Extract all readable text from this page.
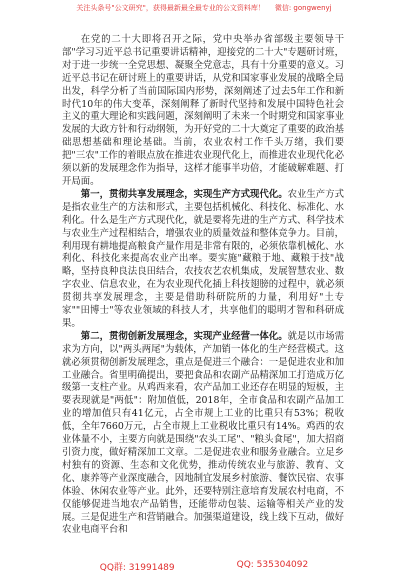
关注头条号"公文研究"，获得最新最全最专业的公文资料库！ 微信: gongwenyj

在党的二十大即将召开之际，党中央举办省部级主要领导干部"学习习近平总书记重要讲话精神，迎接党的二十大"专题研讨班，对于进一步统一全党思想、凝聚全党意志，具有十分重要的意义。习近平总书记在研讨班上的重要讲话，从党和国家事业发展的战略全局出发，科学分析了当前国际国内形势，深刻阐述了过去5年工作和新时代10年的伟大变革，深刻阐释了新时代坚持和发展中国特色社会主义的重大理论和实践问题，深刻阐明了未来一个时期党和国家事业发展的大政方针和行动纲领，为开好党的二十大奠定了重要的政治基础思想基础和理论基础。当前，农业农村工作千头万绪，我们要把"三农"工作的着眼点放在推进农业现代化上，而推进农业现代化必须以新的发展理念作为指导，这样才能事半功倍，才能破解难题、打开局面。

第一，贯彻共享发展理念，实现生产方式现代化。农业生产方式是指农业生产的方法和形式，主要包括机械化、科技化、标准化、水利化。什么是生产方式现代化，就是要将先进的生产方式、科学技术与农业生产过程相结合，增强农业的质量效益和整体竞争力。目前，利用现有耕地提高粮食产量作用是非常有限的，必须依靠机械化、水利化、科技化来提高农业产出率。要实施"藏粮于地、藏粮于技"战略，坚持良种良法良田结合，农技农艺农机集成，发展智慧农业、数字农业、信息农业，在为农业现代化插上科技翅膀的过程中，就必须贯彻共享发展理念，主要是借助科研院所的力量，利用好"土专家""田博士"等农业领域的科技人才，共享他们的聪明才智和科研成果。

第二，贯彻创新发展理念，实现产业经营一体化。就是以市场需求为方向，以"两头两尾"为载体，产加销一体化的生产经营模式。这就必须贯彻创新发展理念，重点是促进三个融合：一是促进农业和加工业融合。省里明确提出，要把食品和农副产品精深加工打造成万亿级第一支柱产业。从鸡西来看，农产品加工业还存在明显的短板，主要表现就是"两低"：附加值低，2018年，全市食品和农副产品加工业的增加值只有41亿元，占全市规上工业的比重只有53%；税收低，全年7660万元，占全市规上工业税收比重只有14%。鸡西的农业体量不小，主要方向就是围绕"农头工尾"、"粮头食尾"，加大招商引资力度，做好精深加工文章。二是促进农业和服务业融合。立足乡村独有的资源、生态和文化优势，推动传统农业与旅游、教育、文化、康养等产业深度融合，因地制宜发展乡村旅游、餐饮民宿、农事体验、休闲农业等产业。此外，还要特别注意培育发展农村电商，不仅能够促进当地农产品销售，还能带动包装、运输等相关产业的发展。三是促进生产和营销融合。加强渠道建设，线上线下互动，做好农业电商平台和

QQ群: 31991489	QQ: 535304092
